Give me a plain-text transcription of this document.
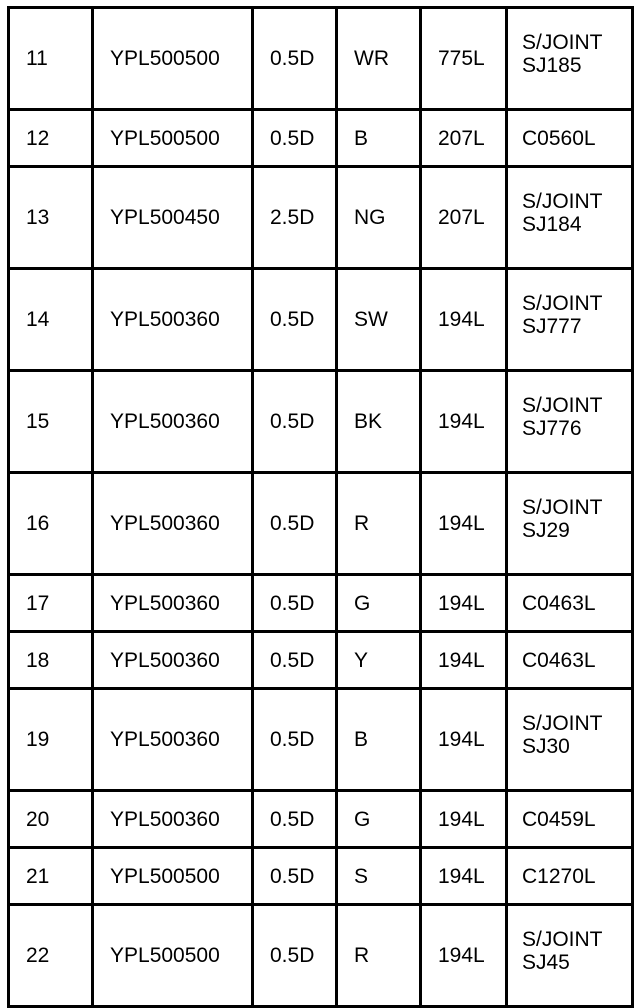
11	YPL500500	0.5D	WR	775L	S/JOINT
SJ185

12	YPL500500	0.5D	B	207L	C0560L

13	YPL500450	2.5D	NG	207L	S/JOINT
SJ184

14	YPL500360	0.5D	SW	194L	S/JOINT
SJ777

15	YPL500360	0.5D	BK	194L	S/JOINT
SJ776

16	YPL500360	0.5D	R	194L	S/JOINT
SJ29

17	YPL500360	0.5D	G	194L	C0463L

18	YPL500360	0.5D	Y	194L	C0463L

19	YPL500360	0.5D	B	194L	S/JOINT
SJ30

20	YPL500360	0.5D	G	194L	C0459L

21	YPL500500	0.5D	S	194L	C1270L

22	YPL500500	0.5D	R	194L	S/JOINT
SJ45
